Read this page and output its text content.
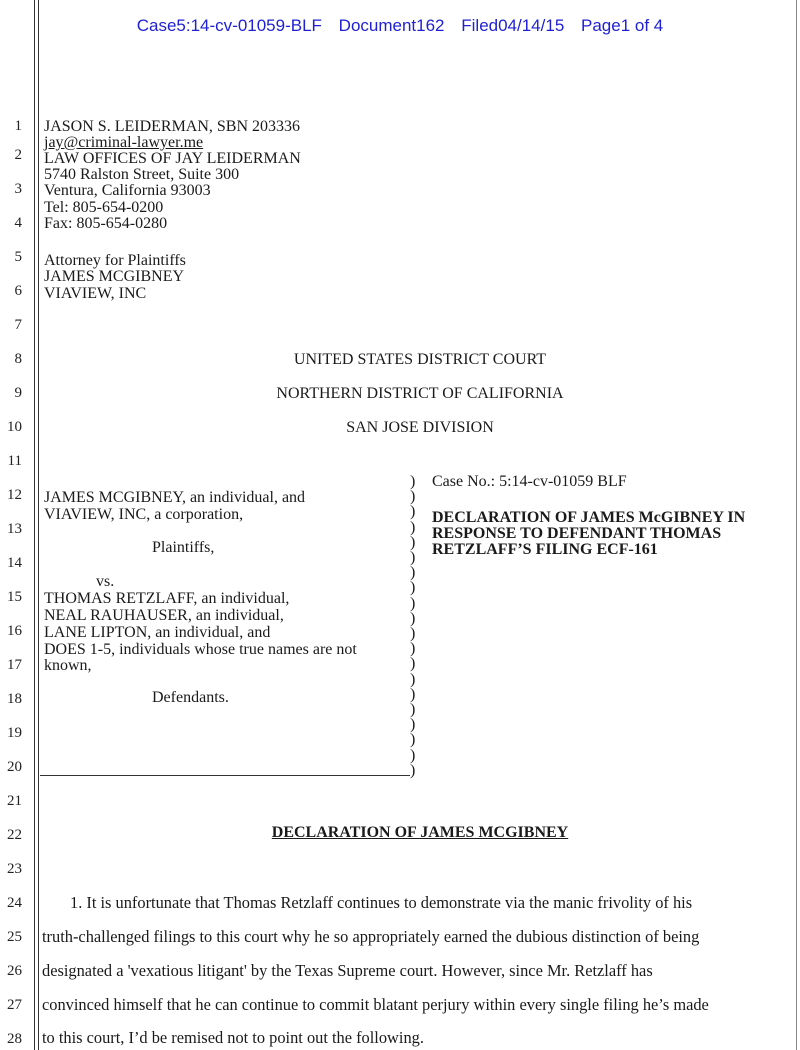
Case5:14-cv-01059-BLF Document162 Filed04/14/15 Page1 of 4
1
2
3
4
5
6
7
8
9
10
11
12
13
14
15
16
17
18
19
20
21
22
23
24
25
26
27
28
JASON S. LEIDERMAN, SBN 203336
jay@criminal-lawyer.me
LAW OFFICES OF JAY LEIDERMAN
5740 Ralston Street, Suite 300
Ventura, California 93003
Tel: 805-654-0200
Fax: 805-654-0280
Attorney for Plaintiffs
JAMES MCGIBNEY
VIAVIEW, INC
UNITED STATES DISTRICT COURT
NORTHERN DISTRICT OF CALIFORNIA
SAN JOSE DIVISION
JAMES MCGIBNEY, an individual, and
VIAVIEW, INC, a corporation,
Plaintiffs,
vs.
THOMAS RETZLAFF, an individual,
NEAL RAUHAUSER, an individual,
LANE LIPTON, an individual, and
DOES 1-5, individuals whose true names are not
known,
Defendants.
)
)
)
)
)
)
)
)
)
)
)
)
)
)
)
)
)
)
)
)
Case No.: 5:14-cv-01059 BLF
DECLARATION OF JAMES McGIBNEY IN
RESPONSE TO DEFENDANT THOMAS
RETZLAFF’S FILING ECF-161
DECLARATION OF JAMES MCGIBNEY
1. It is unfortunate that Thomas Retzlaff continues to demonstrate via the manic frivolity of his
truth-challenged filings to this court why he so appropriately earned the dubious distinction of being
designated a 'vexatious litigant' by the Texas Supreme court. However, since Mr. Retzlaff has
convinced himself that he can continue to commit blatant perjury within every single filing he’s made
to this court, I’d be remised not to point out the following.
